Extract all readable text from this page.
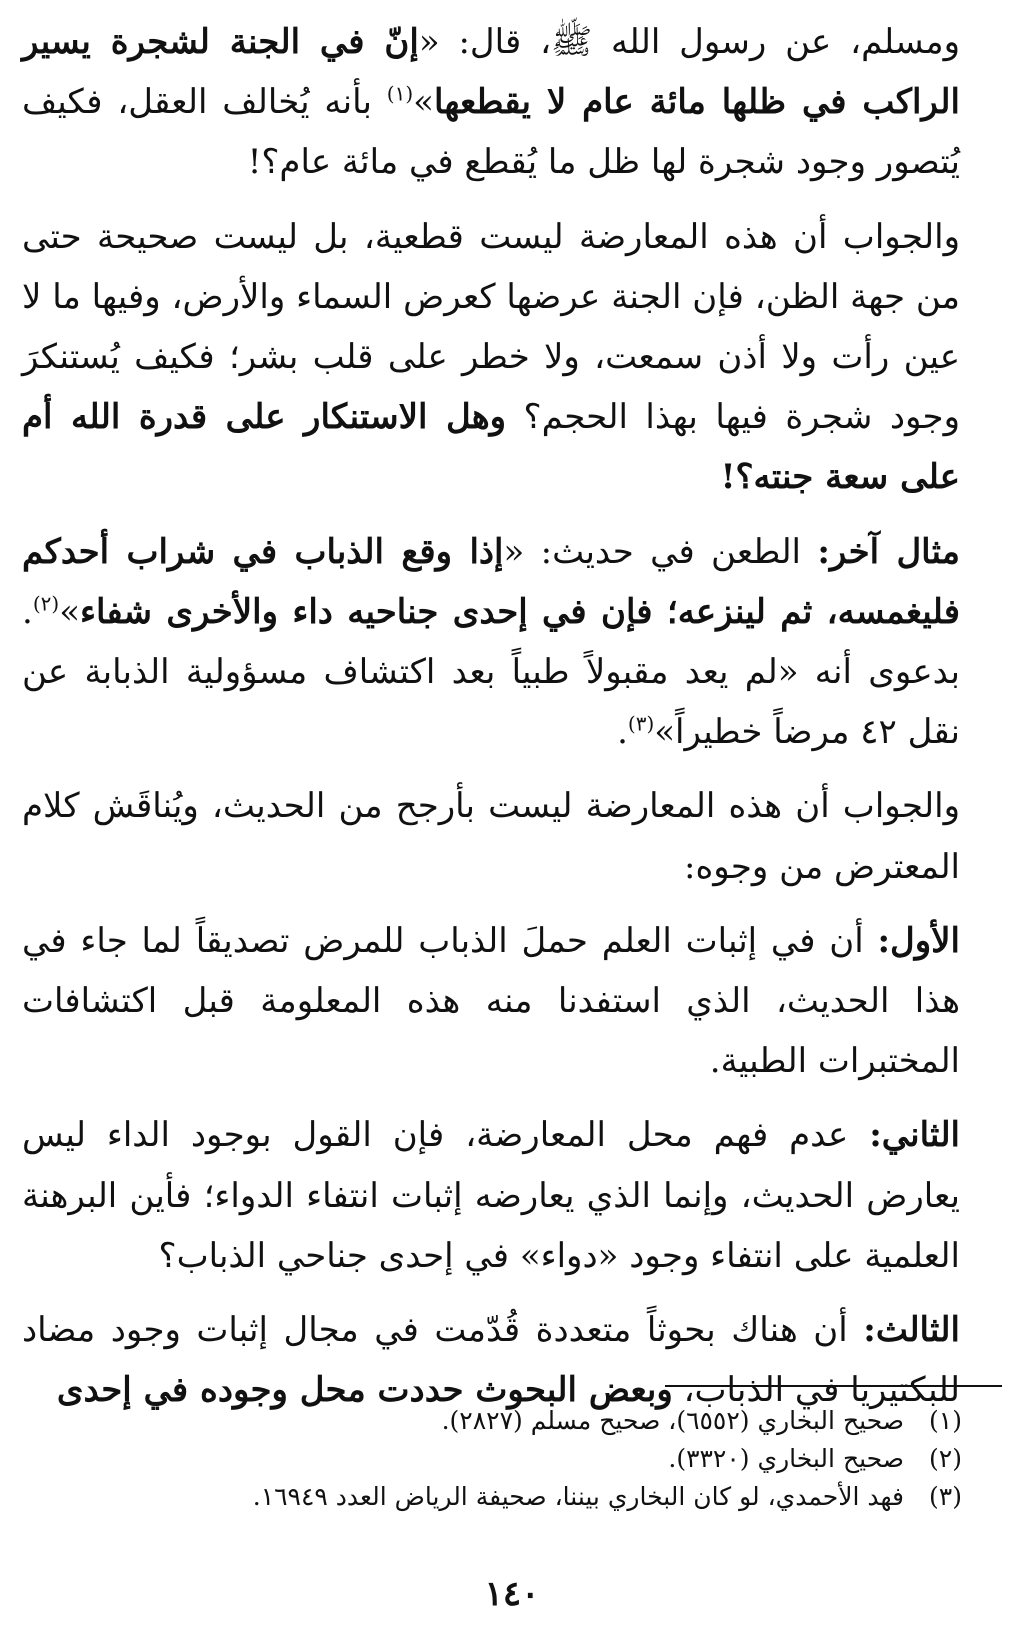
ومسلم، عن رسول الله ﷺ، قال: «إنّ في الجنة لشجرة يسير الراكب في ظلها مائة عام لا يقطعها»$^{(١)}$ بأنه يُخالف العقل، فكيف يُتصور وجود شجرة لها ظل ما يُقطع في مائة عام؟!

والجواب أن هذه المعارضة ليست قطعية، بل ليست صحيحة حتى من جهة الظن، فإن الجنة عرضها كعرض السماء والأرض، وفيها ما لا عين رأت ولا أذن سمعت، ولا خطر على قلب بشر؛ فكيف يُستنكرَ وجود شجرة فيها بهذا الحجم؟ وهل الاستنكار على قدرة الله أم على سعة جنته؟!

مثال آخر: الطعن في حديث: «إذا وقع الذباب في شراب أحدكم فليغمسه، ثم لينزعه؛ فإن في إحدى جناحيه داء والأخرى شفاء»$^{(٢)}$. بدعوى أنه «لم يعد مقبولاً طبياً بعد اكتشاف مسؤولية الذبابة عن نقل ٤٢ مرضاً خطيراً»$^{(٣)}$.

والجواب أن هذه المعارضة ليست بأرجح من الحديث، ويُناقَش كلام المعترض من وجوه:

الأول: أن في إثبات العلم حملَ الذباب للمرض تصديقاً لما جاء في هذا الحديث، الذي استفدنا منه هذه المعلومة قبل اكتشافات المختبرات الطبية.

الثاني: عدم فهم محل المعارضة، فإن القول بوجود الداء ليس يعارض الحديث، وإنما الذي يعارضه إثبات انتفاء الدواء؛ فأين البرهنة العلمية على انتفاء وجود «دواء» في إحدى جناحي الذباب؟

الثالث: أن هناك بحوثاً متعددة قُدّمت في مجال إثبات وجود مضاد للبكتيريا في الذباب، وبعض البحوث حددت محل وجوده في إحدى

(١)صحيح البخاري (٦٥٥٢)، صحيح مسلم (٢٨٢٧).

(٢)صحيح البخاري (٣٣٢٠).

(٣)فهد الأحمدي، لو كان البخاري بيننا، صحيفة الرياض العدد ١٦٩٤٩.

١٤٠
